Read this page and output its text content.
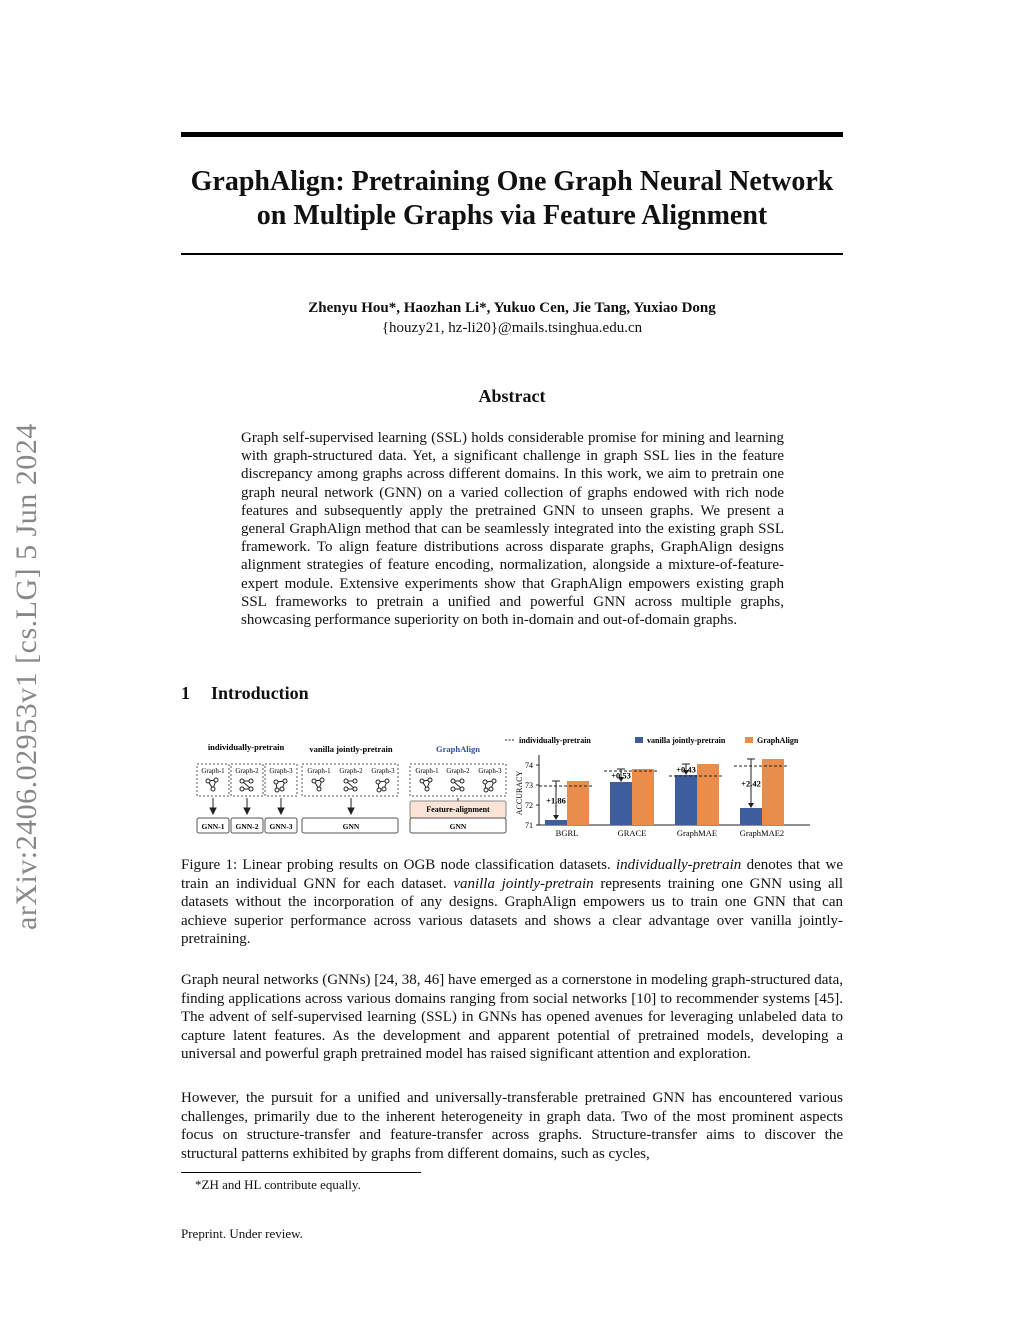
arXiv:2406.02953v1 [cs.LG] 5 Jun 2024
GraphAlign: Pretraining One Graph Neural Network
on Multiple Graphs via Feature Alignment
Zhenyu Hou*, Haozhan Li*, Yukuo Cen, Jie Tang, Yuxiao Dong
{houzy21, hz-li20}@mails.tsinghua.edu.cn
Abstract
Graph self-supervised learning (SSL) holds considerable promise for mining and learning with graph-structured data. Yet, a significant challenge in graph SSL lies in the feature discrepancy among graphs across different domains. In this work, we aim to pretrain one graph neural network (GNN) on a varied collection of graphs endowed with rich node features and subsequently apply the pretrained GNN to unseen graphs. We present a general GraphAlign method that can be seamlessly integrated into the existing graph SSL framework. To align feature distributions across disparate graphs, GraphAlign designs alignment strategies of feature encoding, normalization, alongside a mixture-of-feature-expert module. Extensive experiments show that GraphAlign empowers existing graph SSL frameworks to pretrain a unified and powerful GNN across multiple graphs, showcasing performance superiority on both in-domain and out-of-domain graphs.
1 Introduction
individually-pretrain	vanilla jointly-pretrain	GraphAlign
Graph-1 Graph-2 Graph-3 Graph-1 Graph-2 Graph-3	Graph-1 Graph-2 Graph-3
Feature-alignment
GNN-1 GNN-2 GNN-3	GNN	GNN
individually-pretrain	vanilla jointly-pretrain	GraphAlign
ACCURACY
71
72
73
74
+1.86
BGRL
+0.53
GRACE
+0.43
GraphMAE
+2.42
GraphMAE2
Figure 1: Linear probing results on OGB node classification datasets. individually-pretrain denotes that we train an individual GNN for each dataset. vanilla jointly-pretrain represents training one GNN using all datasets without the incorporation of any designs. GraphAlign empowers us to train one GNN that can achieve superior performance across various datasets and shows a clear advantage over vanilla jointly-pretraining.
Graph neural networks (GNNs) [24, 38, 46] have emerged as a cornerstone in modeling graph-structured data, finding applications across various domains ranging from social networks [10] to recommender systems [45]. The advent of self-supervised learning (SSL) in GNNs has opened avenues for leveraging unlabeled data to capture latent features. As the development and apparent potential of pretrained models, developing a universal and powerful graph pretrained model has raised significant attention and exploration.
However, the pursuit for a unified and universally-transferable pretrained GNN has encountered various challenges, primarily due to the inherent heterogeneity in graph data. Two of the most prominent aspects focus on structure-transfer and feature-transfer across graphs. Structure-transfer aims to discover the structural patterns exhibited by graphs from different domains, such as cycles,
*ZH and HL contribute equally.
Preprint. Under review.
